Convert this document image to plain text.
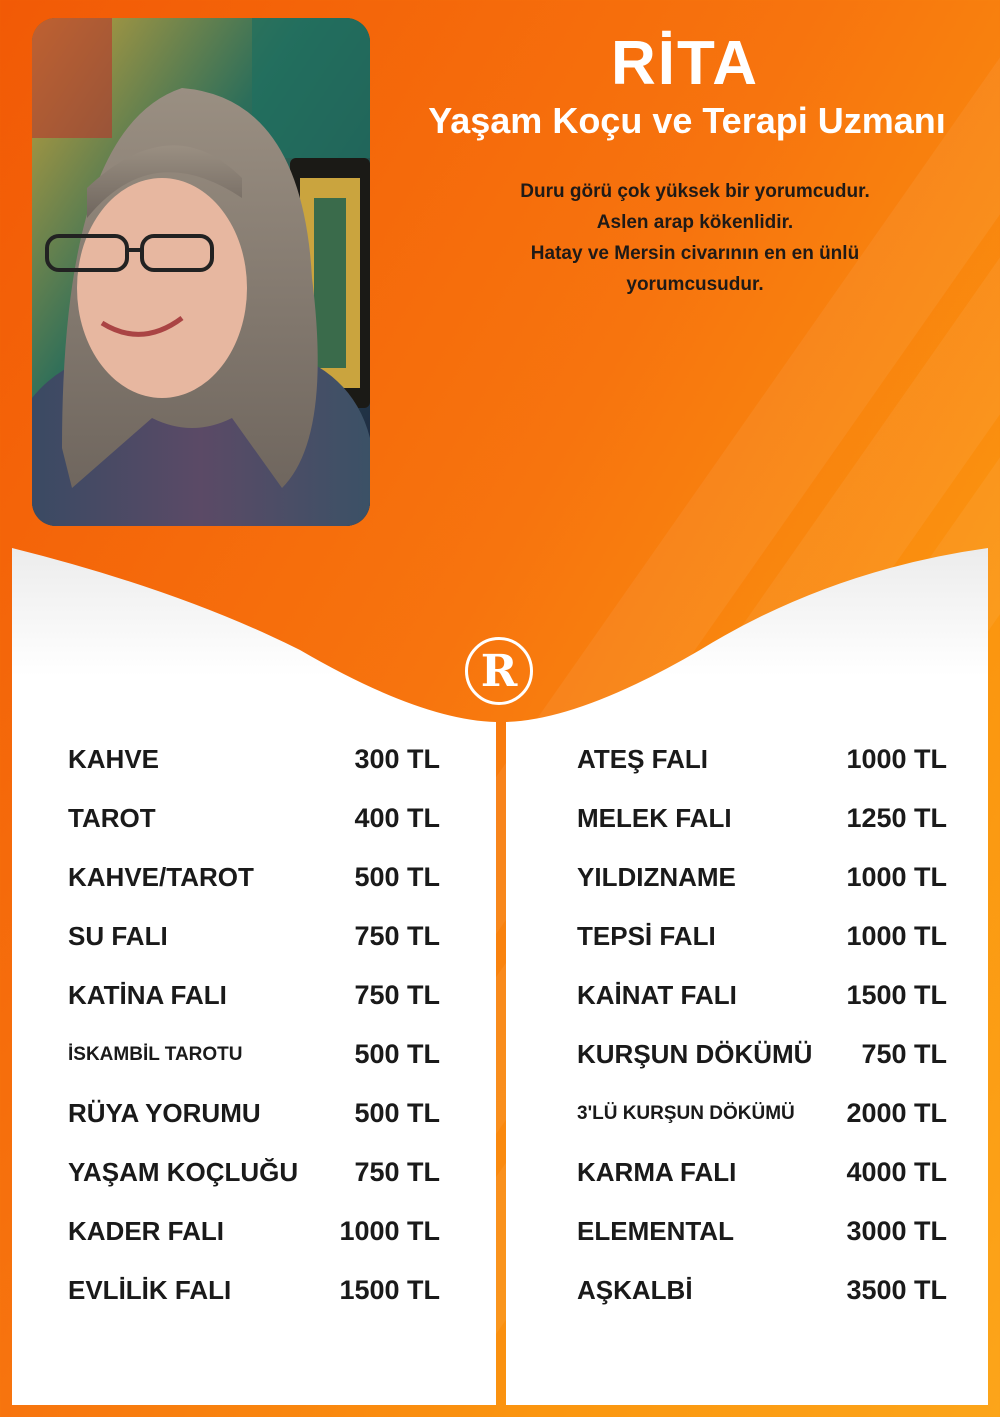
RİTA
Yaşam Koçu ve Terapi Uzmanı
Duru görü çok yüksek bir yorumcudur.
Aslen arap kökenlidir.
Hatay ve Mersin civarının en en ünlü
yorumcusudur.
R
KAHVE	300 TL
TAROT	400 TL
KAHVE/TAROT	500 TL
SU FALI	750 TL
KATİNA FALI	750 TL
İSKAMBİL TAROTU	500 TL
RÜYA YORUMU	500 TL
YAŞAM KOÇLUĞU 750 TL
KADER FALI	1000 TL
EVLİLİK FALI	1500 TL
ATEŞ FALI	1000 TL
MELEK FALI	1250 TL
YILDIZNAME	1000 TL
TEPSİ FALI	1000 TL
KAİNAT FALI	1500 TL
KURŞUN DÖKÜMÜ 750 TL
3'LÜ KURŞUN DÖKÜMÜ 2000 TL
KARMA FALI	4000 TL
ELEMENTAL	3000 TL
AŞKALBİ	3500 TL
